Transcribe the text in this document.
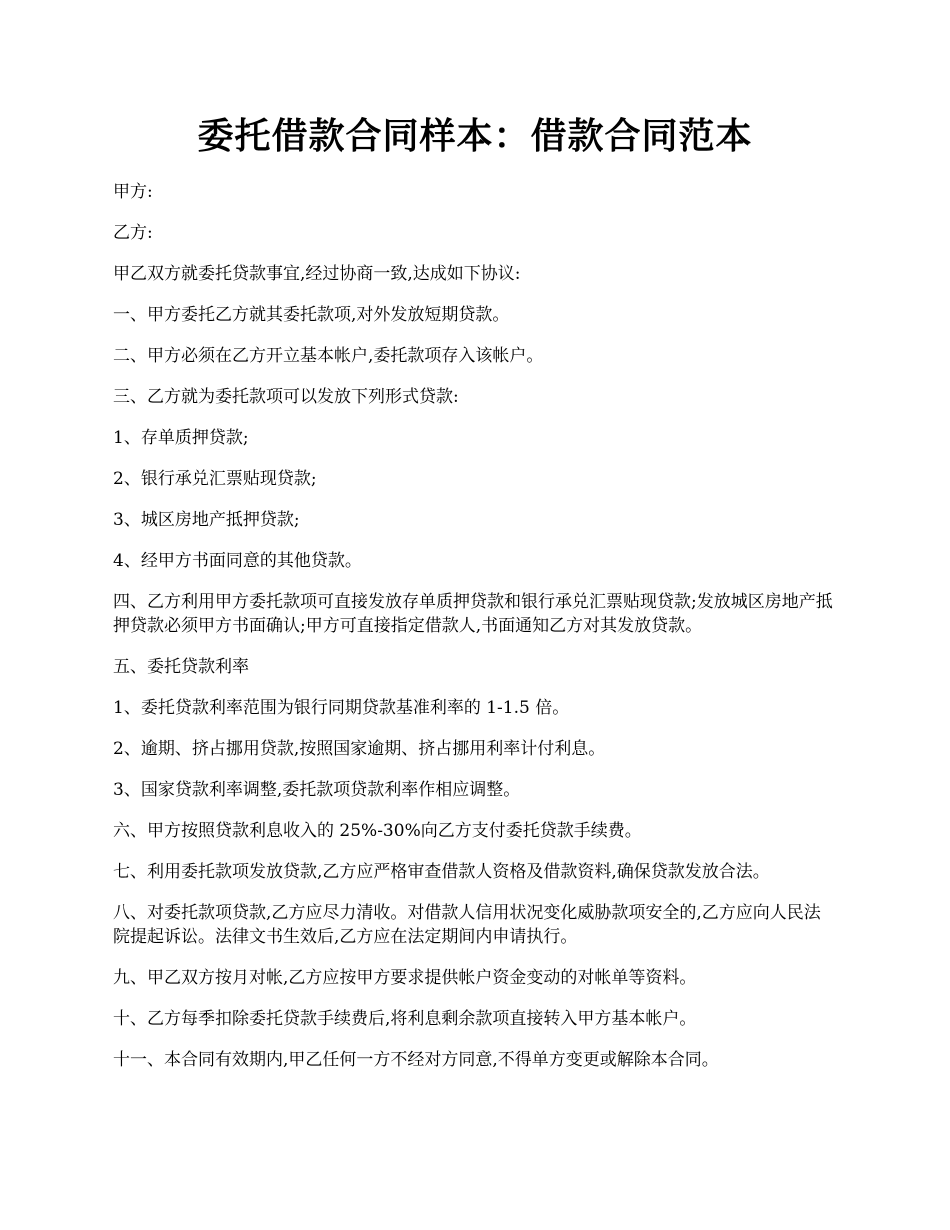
委托借款合同样本：借款合同范本

甲方:

乙方:

甲乙双方就委托贷款事宜,经过协商一致,达成如下协议:

一、甲方委托乙方就其委托款项,对外发放短期贷款。

二、甲方必须在乙方开立基本帐户,委托款项存入该帐户。

三、乙方就为委托款项可以发放下列形式贷款:

1、存单质押贷款;

2、银行承兑汇票贴现贷款;

3、城区房地产抵押贷款;

4、经甲方书面同意的其他贷款。

四、乙方利用甲方委托款项可直接发放存单质押贷款和银行承兑汇票贴现贷款;发放城区房地产抵押贷款必须甲方书面确认;甲方可直接指定借款人,书面通知乙方对其发放贷款。

五、委托贷款利率

1、委托贷款利率范围为银行同期贷款基准利率的 1-1.5 倍。

2、逾期、挤占挪用贷款,按照国家逾期、挤占挪用利率计付利息。

3、国家贷款利率调整,委托款项贷款利率作相应调整。

六、甲方按照贷款利息收入的 25%-30%向乙方支付委托贷款手续费。

七、利用委托款项发放贷款,乙方应严格审查借款人资格及借款资料,确保贷款发放合法。

八、对委托款项贷款,乙方应尽力清收。对借款人信用状况变化威胁款项安全的,乙方应向人民法院提起诉讼。法律文书生效后,乙方应在法定期间内申请执行。

九、甲乙双方按月对帐,乙方应按甲方要求提供帐户资金变动的对帐单等资料。

十、乙方每季扣除委托贷款手续费后,将利息剩余款项直接转入甲方基本帐户。

十一、本合同有效期内,甲乙任何一方不经对方同意,不得单方变更或解除本合同。
